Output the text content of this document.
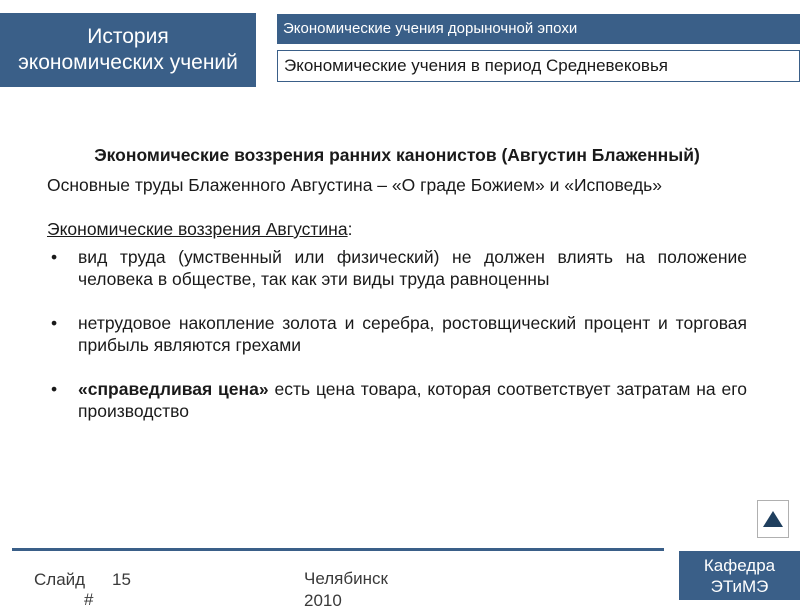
История
экономических учений
Экономические учения дорыночной эпохи
Экономические учения в период Средневековья

Экономические воззрения ранних канонистов (Августин Блаженный)

Основные труды Блаженного Августина – «О граде Божием» и «Исповедь»

Экономические воззрения Августина:

• вид труда (умственный или физический) не должен влиять на положение человека в обществе, так как эти виды труда равноценны
• нетрудовое накопление золота и серебра, ростовщический процент и торговая прибыль являются грехами
• «справедливая цена» есть цена товара, которая соответствует затратам на его производство
Слайд 15
#
Челябинск
2010
Кафедра
ЭТиМЭ
